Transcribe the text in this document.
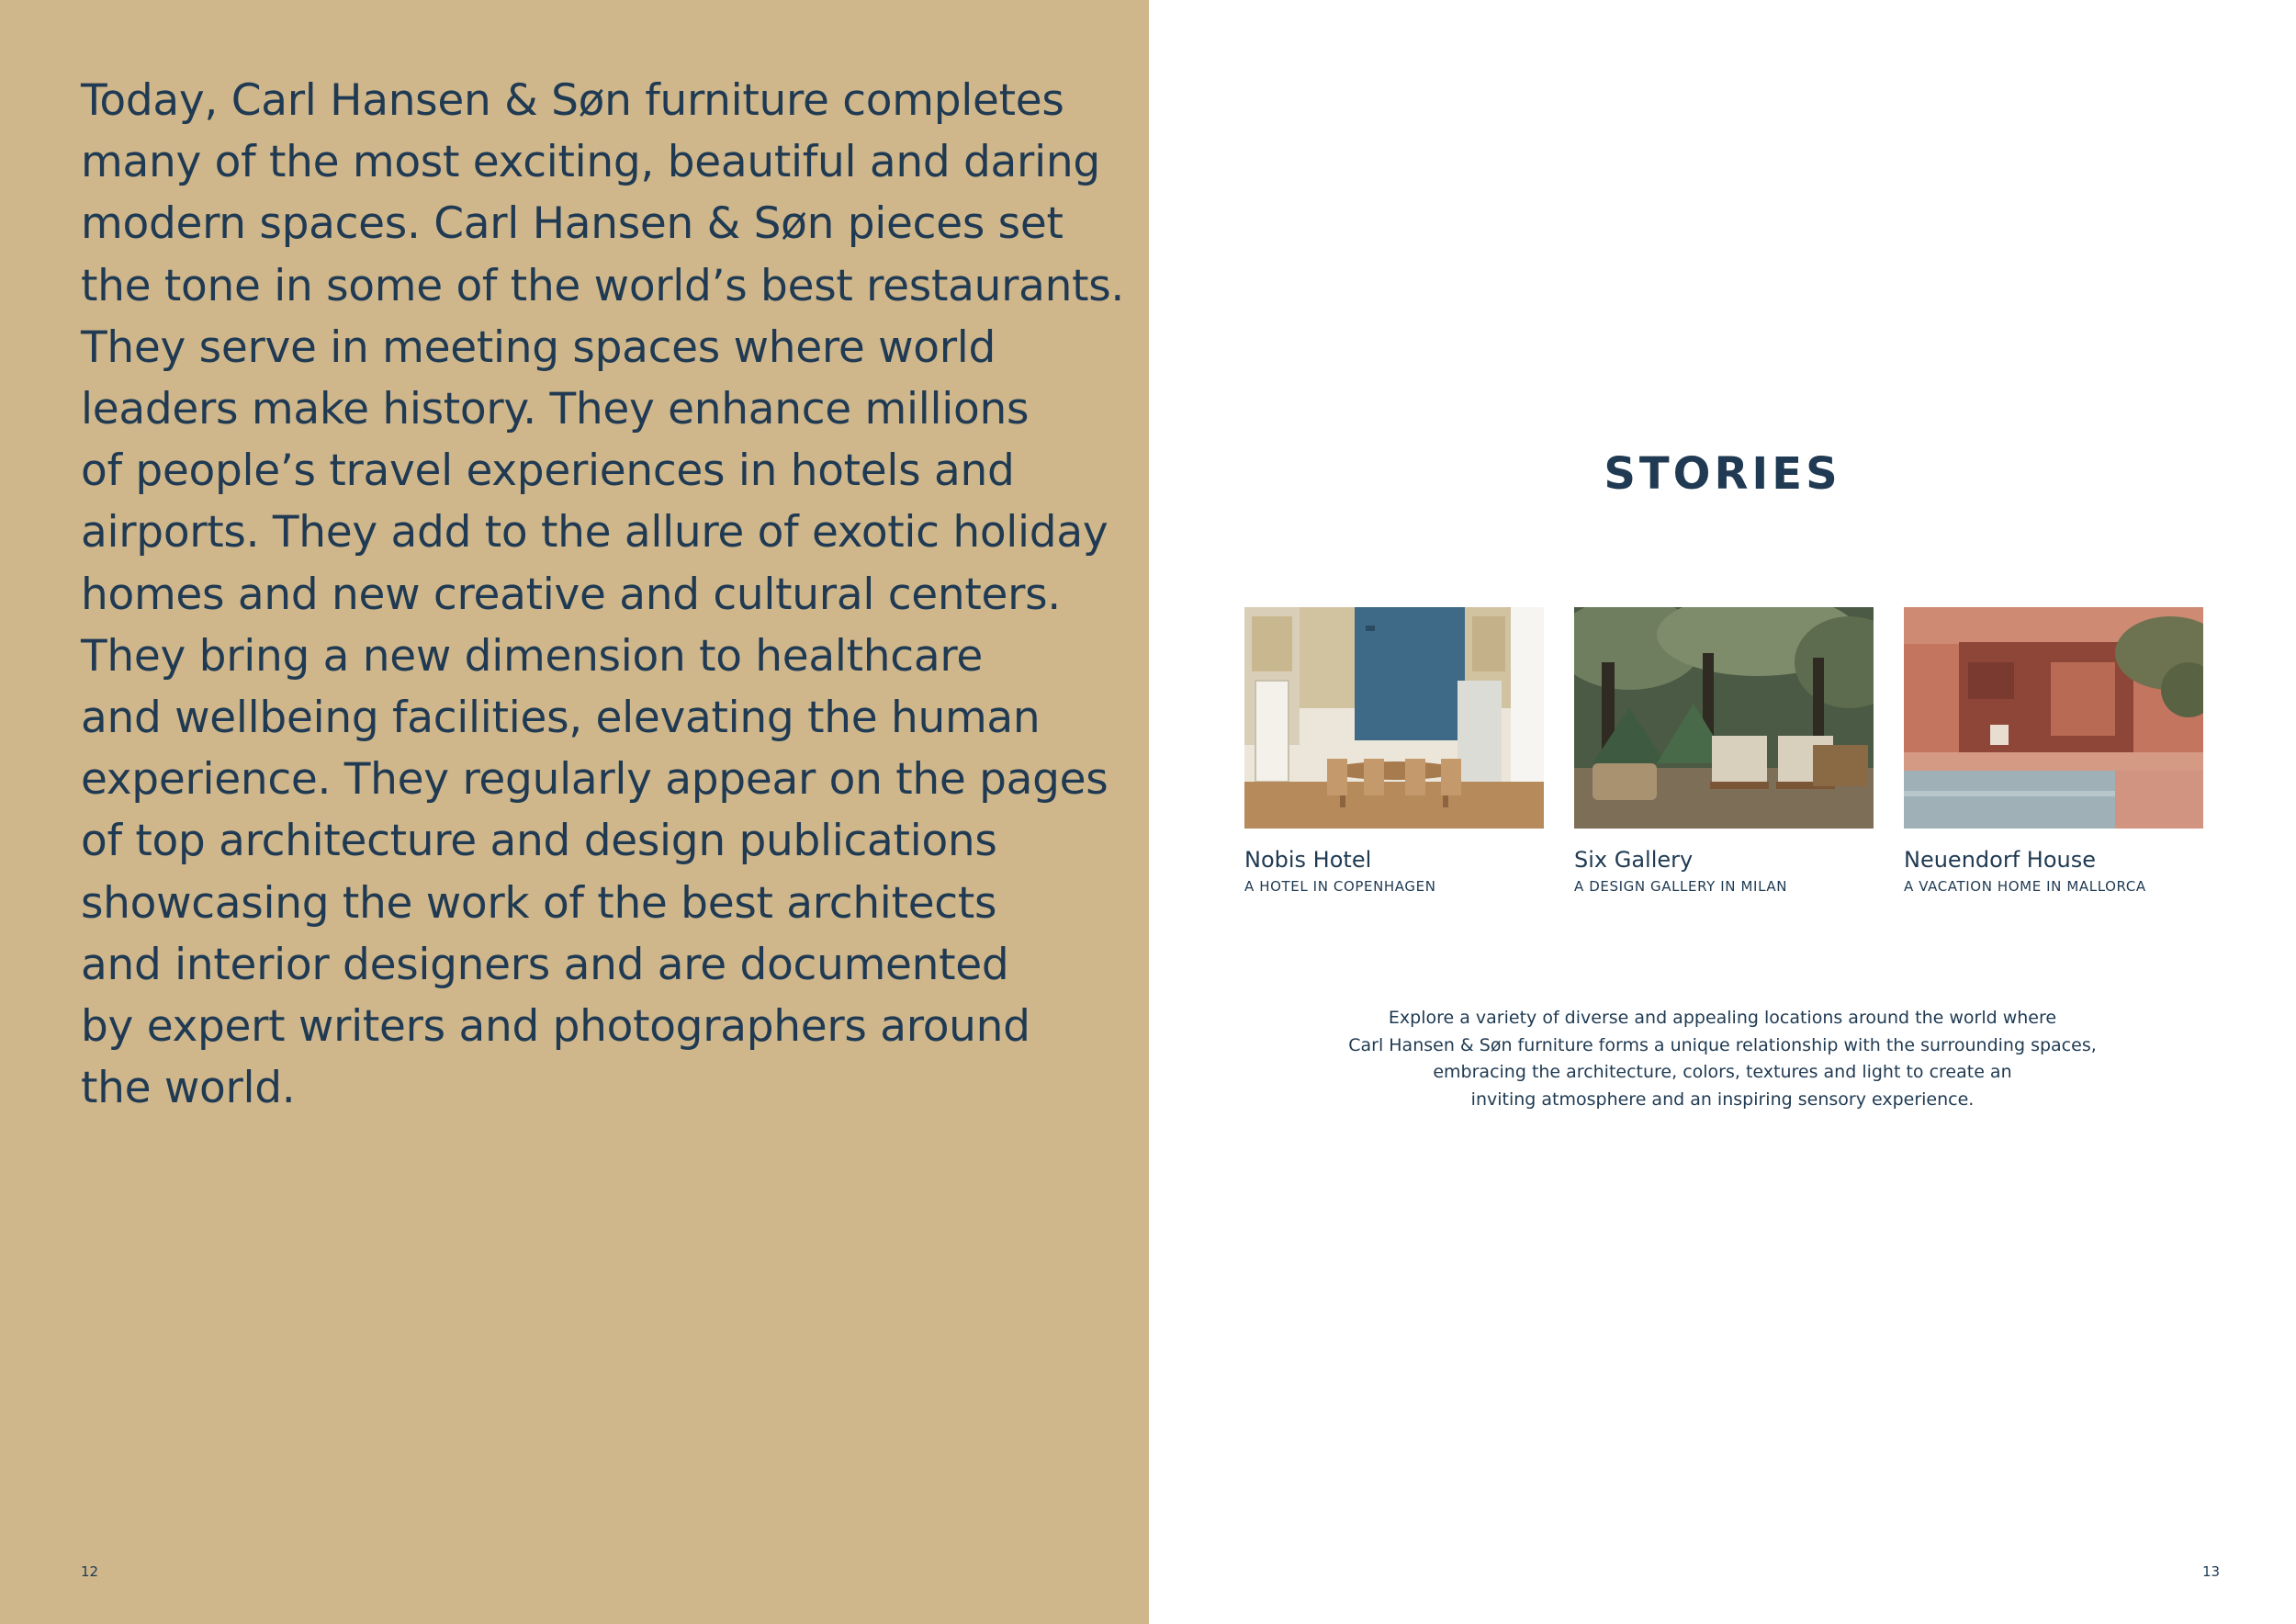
Today, Carl Hansen & Søn furniture completes
many of the most exciting, beautiful and daring
modern spaces. Carl Hansen & Søn pieces set
the tone in some of the world’s best restaurants.
They serve in meeting spaces where world
leaders make history. They enhance millions
of people’s travel experiences in hotels and
airports. They add to the allure of exotic holiday
homes and new creative and cultural centers.
They bring a new dimension to healthcare
and wellbeing facilities, elevating the human
experience. They regularly appear on the pages
of top architecture and design publications
showcasing the work of the best architects
and interior designers and are documented
by expert writers and photographers around
the world.

12
STORIES
Nobis Hotel
A HOTEL IN COPENHAGEN
Six Gallery
A DESIGN GALLERY IN MILAN
Neuendorf House
A VACATION HOME IN MALLORCA
Explore a variety of diverse and appealing locations around the world where
Carl Hansen & Søn furniture forms a unique relationship with the surrounding spaces,
embracing the architecture, colors, textures and light to create an
inviting atmosphere and an inspiring sensory experience.
13
